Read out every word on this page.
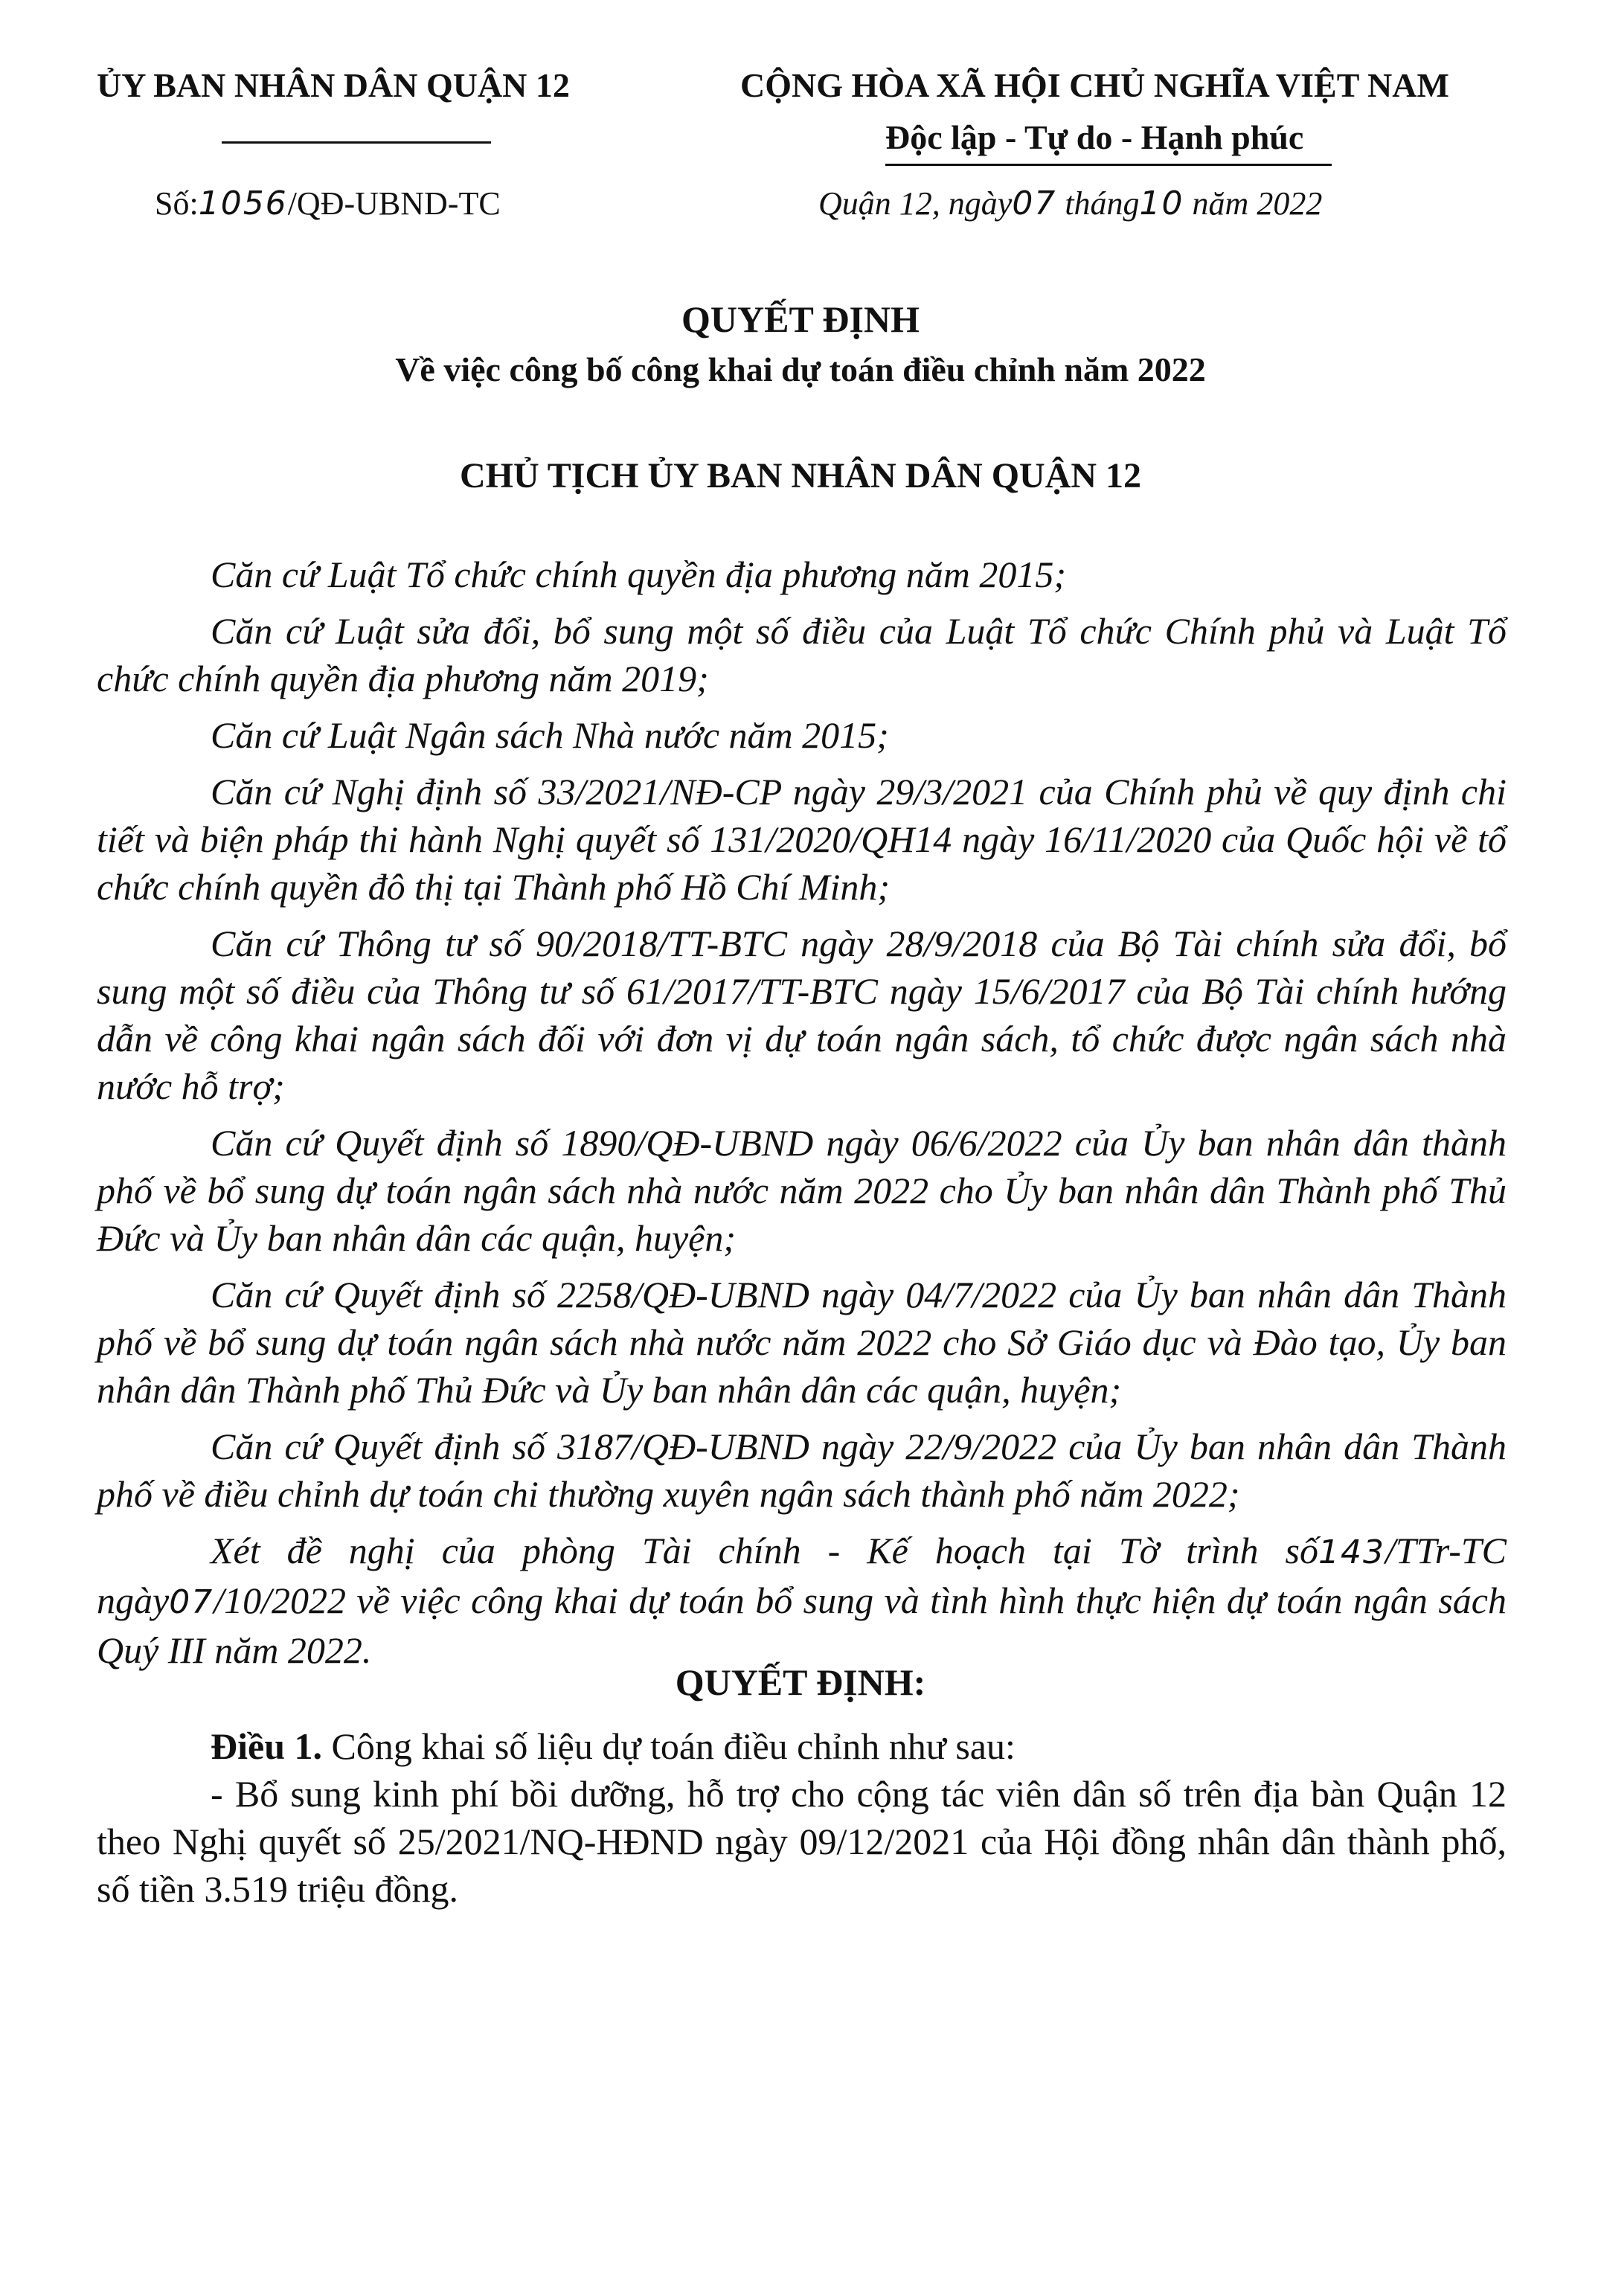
ỦY BAN NHÂN DÂN QUẬN 12	CỘNG HÒA XÃ HỘI CHỦ NGHĨA VIỆT NAM
Độc lập - Tự do - Hạnh phúc
Số:1056/QĐ-UBND-TC	Quận 12, ngày07 tháng10 năm 2022
QUYẾT ĐỊNH
Về việc công bố công khai dự toán điều chỉnh năm 2022
CHỦ TỊCH ỦY BAN NHÂN DÂN QUẬN 12

Căn cứ Luật Tổ chức chính quyền địa phương năm 2015;

Căn cứ Luật sửa đổi, bổ sung một số điều của Luật Tổ chức Chính phủ và Luật Tổ chức chính quyền địa phương năm 2019;

Căn cứ Luật Ngân sách Nhà nước năm 2015;

Căn cứ Nghị định số 33/2021/NĐ-CP ngày 29/3/2021 của Chính phủ về quy định chi tiết và biện pháp thi hành Nghị quyết số 131/2020/QH14 ngày 16/11/2020 của Quốc hội về tổ chức chính quyền đô thị tại Thành phố Hồ Chí Minh;

Căn cứ Thông tư số 90/2018/TT-BTC ngày 28/9/2018 của Bộ Tài chính sửa đổi, bổ sung một số điều của Thông tư số 61/2017/TT-BTC ngày 15/6/2017 của Bộ Tài chính hướng dẫn về công khai ngân sách đối với đơn vị dự toán ngân sách, tổ chức được ngân sách nhà nước hỗ trợ;

Căn cứ Quyết định số 1890/QĐ-UBND ngày 06/6/2022 của Ủy ban nhân dân thành phố về bổ sung dự toán ngân sách nhà nước năm 2022 cho Ủy ban nhân dân Thành phố Thủ Đức và Ủy ban nhân dân các quận, huyện;

Căn cứ Quyết định số 2258/QĐ-UBND ngày 04/7/2022 của Ủy ban nhân dân Thành phố về bổ sung dự toán ngân sách nhà nước năm 2022 cho Sở Giáo dục và Đào tạo, Ủy ban nhân dân Thành phố Thủ Đức và Ủy ban nhân dân các quận, huyện;

Căn cứ Quyết định số 3187/QĐ-UBND ngày 22/9/2022 của Ủy ban nhân dân Thành phố về điều chỉnh dự toán chi thường xuyên ngân sách thành phố năm 2022;

Xét đề nghị của phòng Tài chính - Kế hoạch tại Tờ trình số143/TTr-TC ngày07/10/2022 về việc công khai dự toán bổ sung và tình hình thực hiện dự toán ngân sách Quý III năm 2022.

QUYẾT ĐỊNH:

Điều 1. Công khai số liệu dự toán điều chỉnh như sau:

- Bổ sung kinh phí bồi dưỡng, hỗ trợ cho cộng tác viên dân số trên địa bàn Quận 12 theo Nghị quyết số 25/2021/NQ-HĐND ngày 09/12/2021 của Hội đồng nhân dân thành phố, số tiền 3.519 triệu đồng.
